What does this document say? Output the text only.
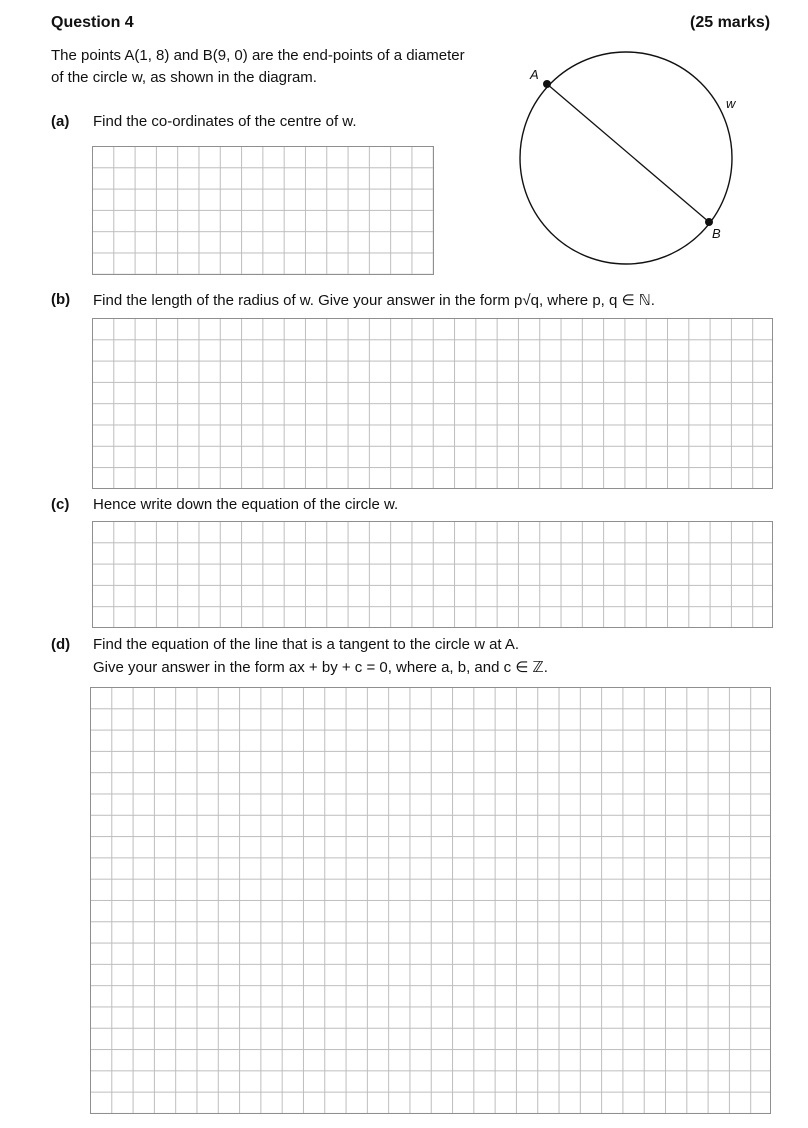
Question 4	(25 marks)
The points A(1, 8) and B(9, 0) are the end-points of a diameter
of the circle w, as shown in the diagram.	A
B
w
(a) Find the co-ordinates of the centre of w.
(b) Find the length of the radius of w. Give your answer in the form p√q, where p, q ∈ ℕ.
(c) Hence write down the equation of the circle w.
(d) Find the equation of the line that is a tangent to the circle w at A.
Give your answer in the form ax + by + c = 0, where a, b, and c ∈ ℤ.
